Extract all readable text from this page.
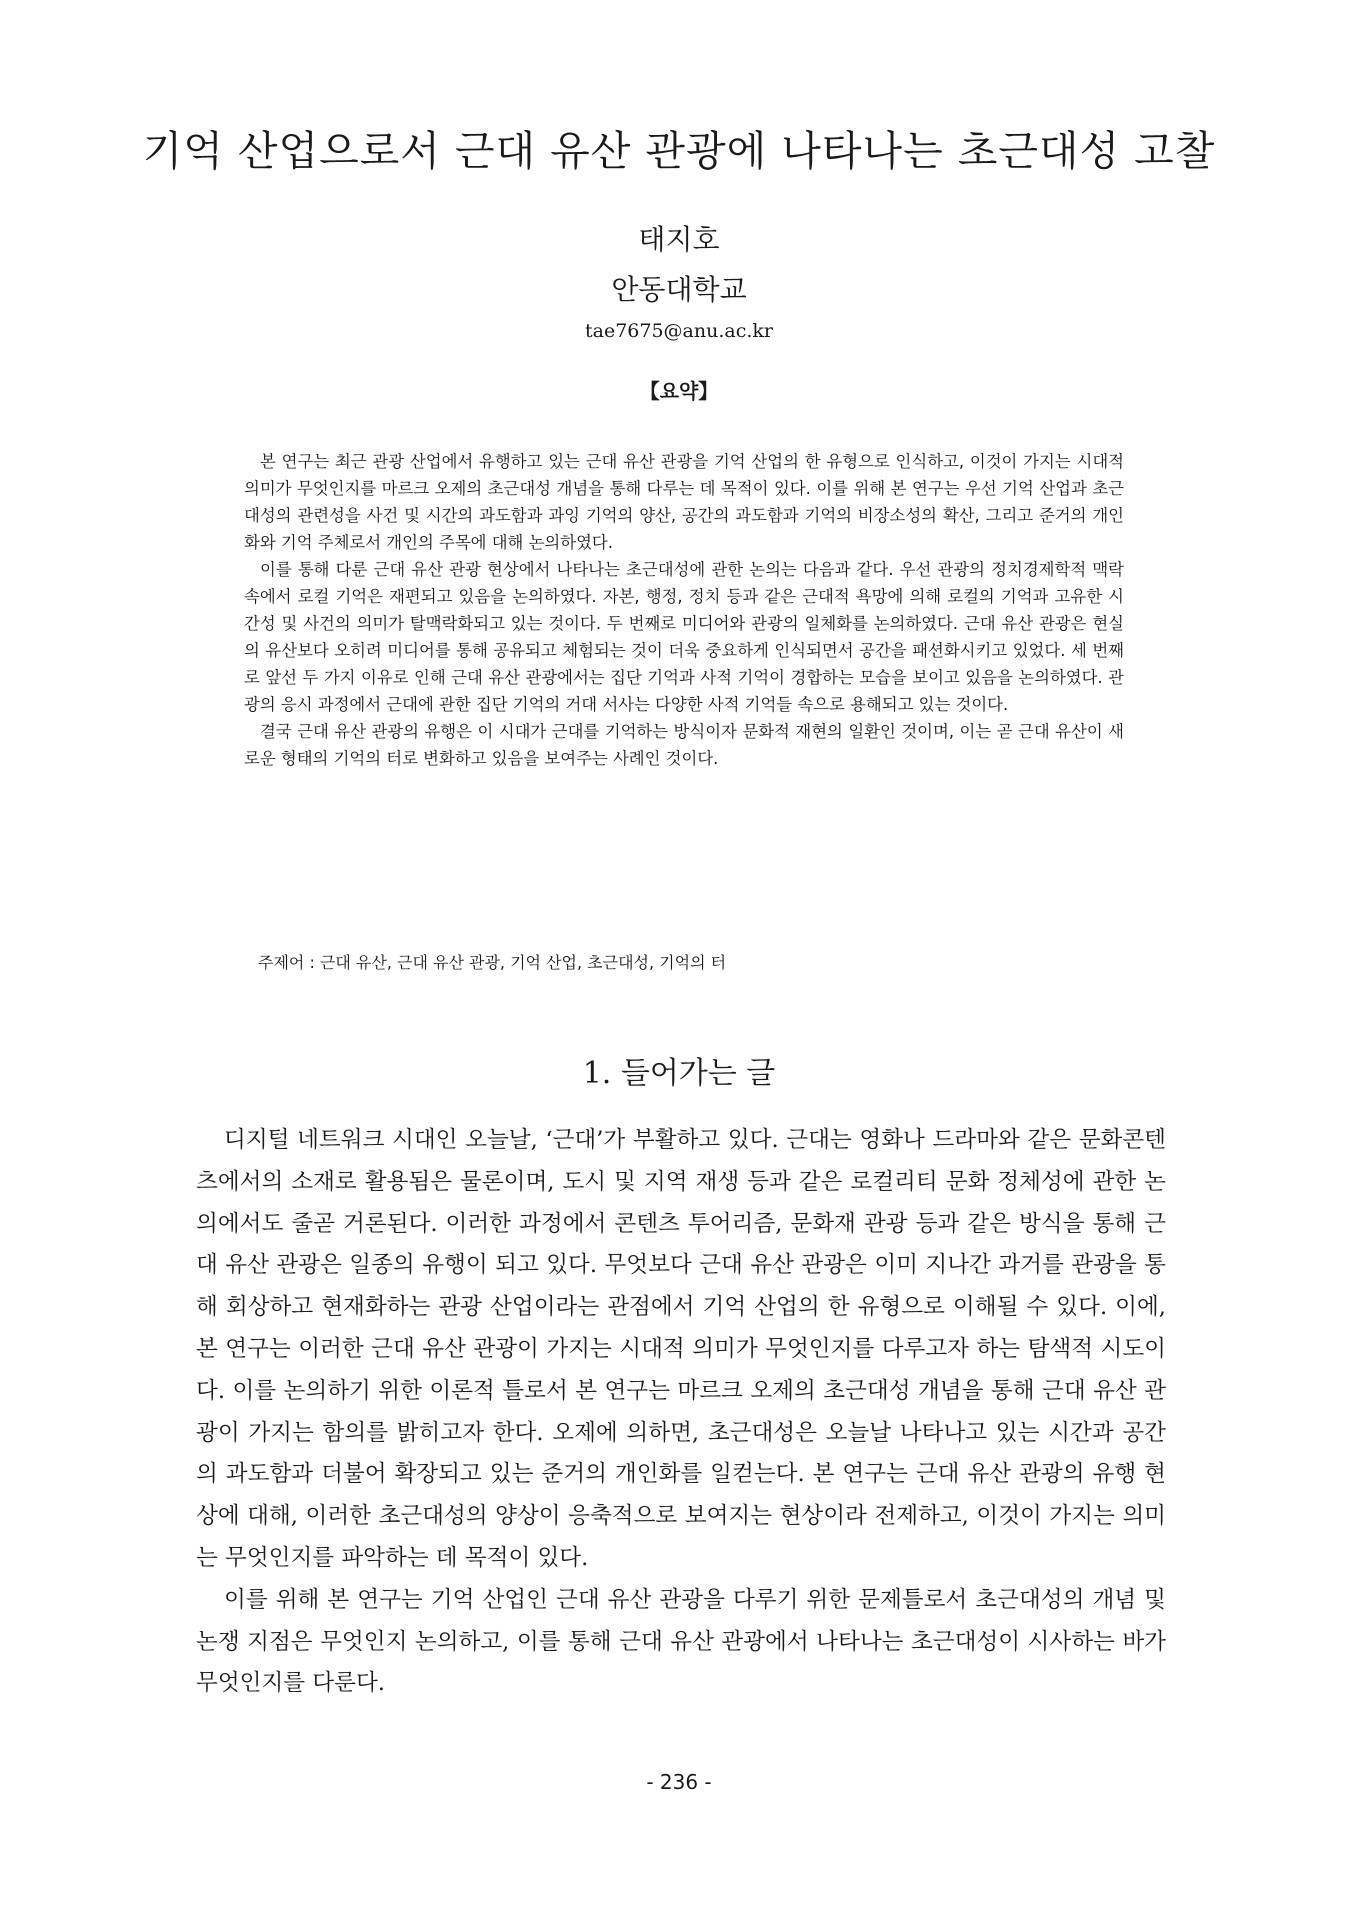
기억 산업으로서 근대 유산 관광에 나타나는 초근대성 고찰
태지호
안동대학교
tae7675@anu.ac.kr
【요약】

본 연구는 최근 관광 산업에서 유행하고 있는 근대 유산 관광을 기억 산업의 한 유형으로 인식하고, 이것이 가지는 시대적 의미가 무엇인지를 마르크 오제의 초근대성 개념을 통해 다루는 데 목적이 있다. 이를 위해 본 연구는 우선 기억 산업과 초근대성의 관련성을 사건 및 시간의 과도함과 과잉 기억의 양산, 공간의 과도함과 기억의 비장소성의 확산, 그리고 준거의 개인화와 기억 주체로서 개인의 주목에 대해 논의하였다.

이를 통해 다룬 근대 유산 관광 현상에서 나타나는 초근대성에 관한 논의는 다음과 같다. 우선 관광의 정치경제학적 맥락 속에서 로컬 기억은 재편되고 있음을 논의하였다. 자본, 행정, 정치 등과 같은 근대적 욕망에 의해 로컬의 기억과 고유한 시간성 및 사건의 의미가 탈맥락화되고 있는 것이다. 두 번째로 미디어와 관광의 일체화를 논의하였다. 근대 유산 관광은 현실의 유산보다 오히려 미디어를 통해 공유되고 체험되는 것이 더욱 중요하게 인식되면서 공간을 패션화시키고 있었다. 세 번째로 앞선 두 가지 이유로 인해 근대 유산 관광에서는 집단 기억과 사적 기억이 경합하는 모습을 보이고 있음을 논의하였다. 관광의 응시 과정에서 근대에 관한 집단 기억의 거대 서사는 다양한 사적 기억들 속으로 용해되고 있는 것이다.

결국 근대 유산 관광의 유행은 이 시대가 근대를 기억하는 방식이자 문화적 재현의 일환인 것이며, 이는 곧 근대 유산이 새로운 형태의 기억의 터로 변화하고 있음을 보여주는 사례인 것이다.

주제어 : 근대 유산, 근대 유산 관광, 기억 산업, 초근대성, 기억의 터
1. 들어가는 글

디지털 네트워크 시대인 오늘날, ‘근대’가 부활하고 있다. 근대는 영화나 드라마와 같은 문화콘텐츠에서의 소재로 활용됨은 물론이며, 도시 및 지역 재생 등과 같은 로컬리티 문화 정체성에 관한 논의에서도 줄곧 거론된다. 이러한 과정에서 콘텐츠 투어리즘, 문화재 관광 등과 같은 방식을 통해 근대 유산 관광은 일종의 유행이 되고 있다. 무엇보다 근대 유산 관광은 이미 지나간 과거를 관광을 통해 회상하고 현재화하는 관광 산업이라는 관점에서 기억 산업의 한 유형으로 이해될 수 있다. 이에, 본 연구는 이러한 근대 유산 관광이 가지는 시대적 의미가 무엇인지를 다루고자 하는 탐색적 시도이다. 이를 논의하기 위한 이론적 틀로서 본 연구는 마르크 오제의 초근대성 개념을 통해 근대 유산 관광이 가지는 함의를 밝히고자 한다. 오제에 의하면, 초근대성은 오늘날 나타나고 있는 시간과 공간의 과도함과 더불어 확장되고 있는 준거의 개인화를 일컫는다. 본 연구는 근대 유산 관광의 유행 현상에 대해, 이러한 초근대성의 양상이 응축적으로 보여지는 현상이라 전제하고, 이것이 가지는 의미는 무엇인지를 파악하는 데 목적이 있다.

이를 위해 본 연구는 기억 산업인 근대 유산 관광을 다루기 위한 문제틀로서 초근대성의 개념 및 논쟁 지점은 무엇인지 논의하고, 이를 통해 근대 유산 관광에서 나타나는 초근대성이 시사하는 바가 무엇인지를 다룬다.

- 236 -
